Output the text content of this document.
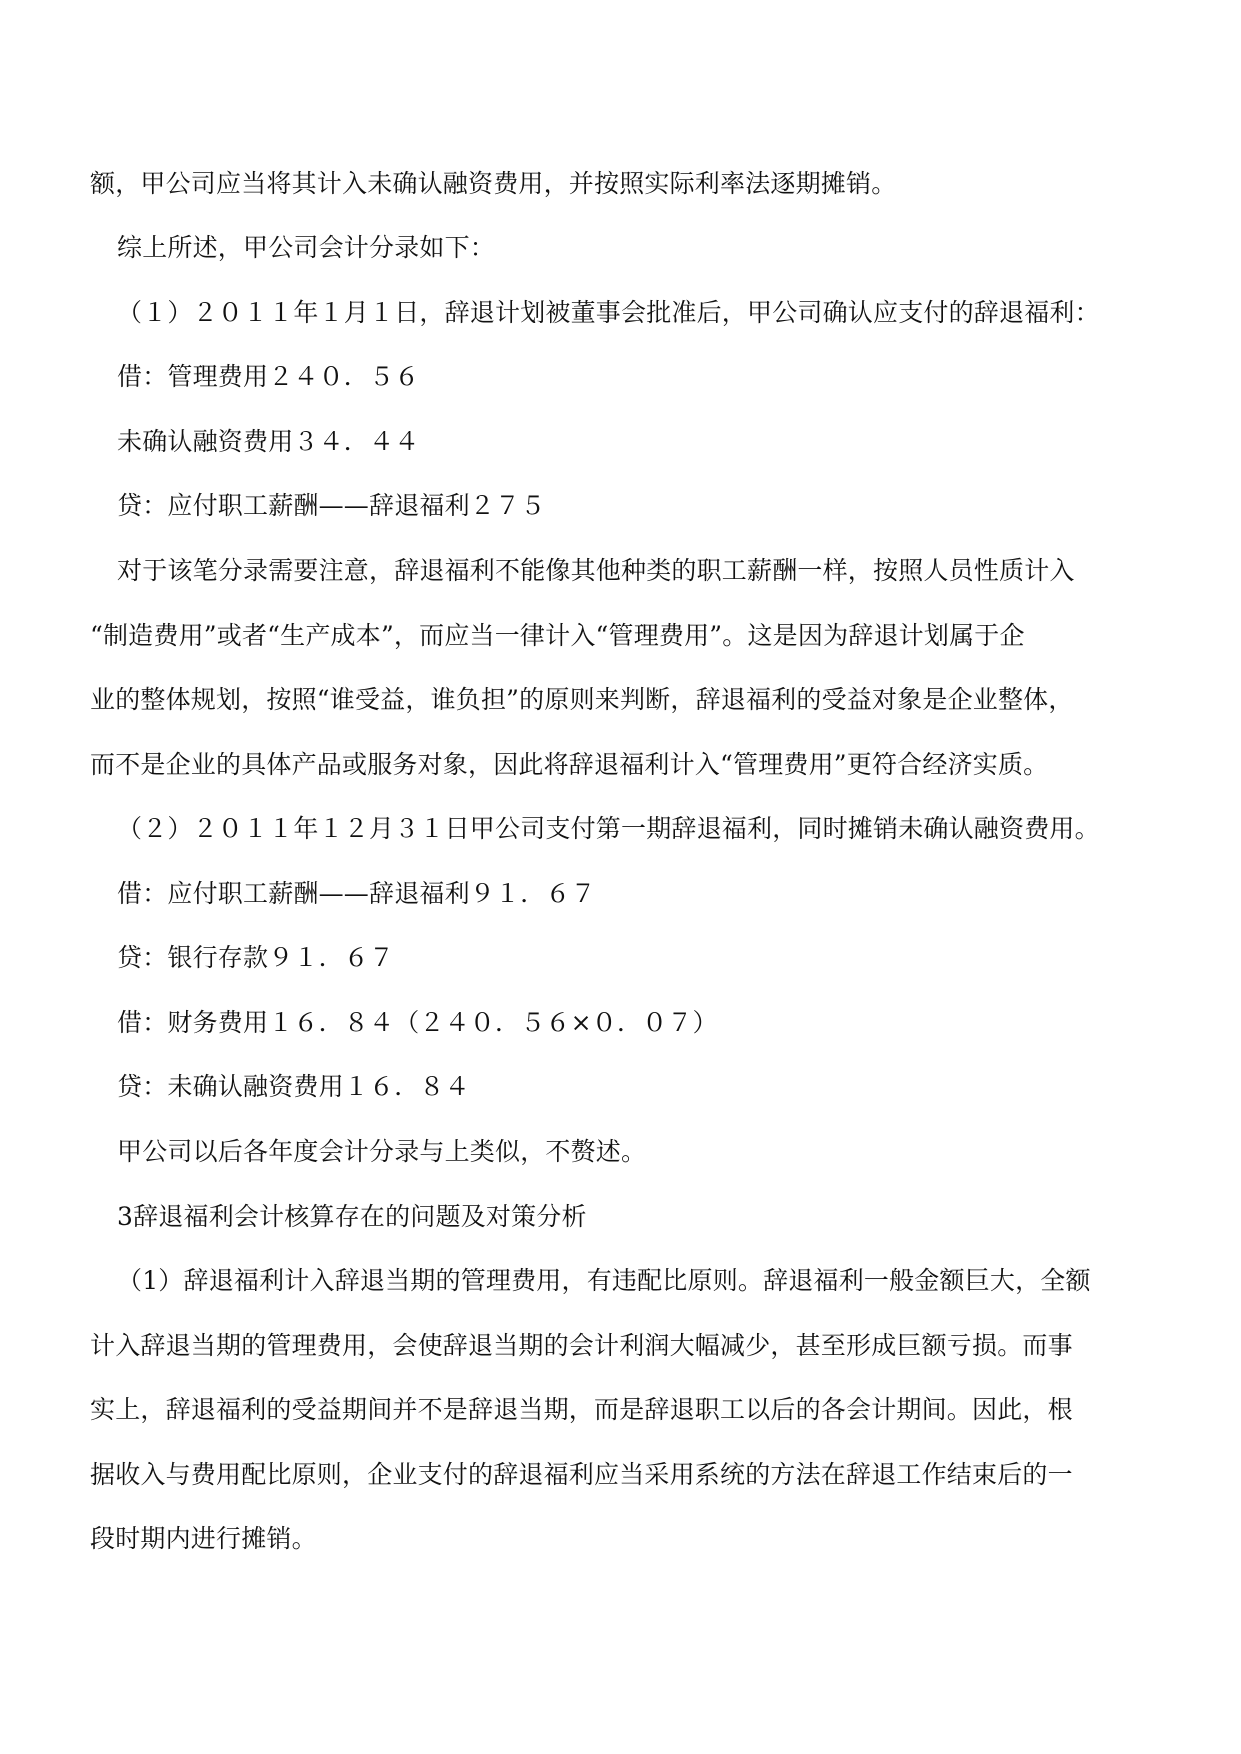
额，甲公司应当将其计入未确认融资费用，并按照实际利率法逐期摊销。
综上所述，甲公司会计分录如下：
（１）２０１１年１月１日，辞退计划被董事会批准后，甲公司确认应支付的辞退福利：
借：管理费用２４０．５６
未确认融资费用３４．４４
贷：应付职工薪酬——辞退福利２７５
对于该笔分录需要注意，辞退福利不能像其他种类的职工薪酬一样，按照人员性质计入
“制造费用”或者“生产成本”，而应当一律计入“管理费用”。这是因为辞退计划属于企
业的整体规划，按照“谁受益，谁负担”的原则来判断，辞退福利的受益对象是企业整体，
而不是企业的具体产品或服务对象，因此将辞退福利计入“管理费用”更符合经济实质。
（２）２０１１年１２月３１日甲公司支付第一期辞退福利，同时摊销未确认融资费用。
借：应付职工薪酬——辞退福利９１．６７
贷：银行存款９１．６７
借：财务费用１６．８４（２４０．５６×０．０７）
贷：未确认融资费用１６．８４
甲公司以后各年度会计分录与上类似，不赘述。
3辞退福利会计核算存在的问题及对策分析
（1）辞退福利计入辞退当期的管理费用，有违配比原则。辞退福利一般金额巨大，全额
计入辞退当期的管理费用，会使辞退当期的会计利润大幅减少，甚至形成巨额亏损。而事
实上，辞退福利的受益期间并不是辞退当期，而是辞退职工以后的各会计期间。因此，根
据收入与费用配比原则，企业支付的辞退福利应当采用系统的方法在辞退工作结束后的一
段时期内进行摊销。
